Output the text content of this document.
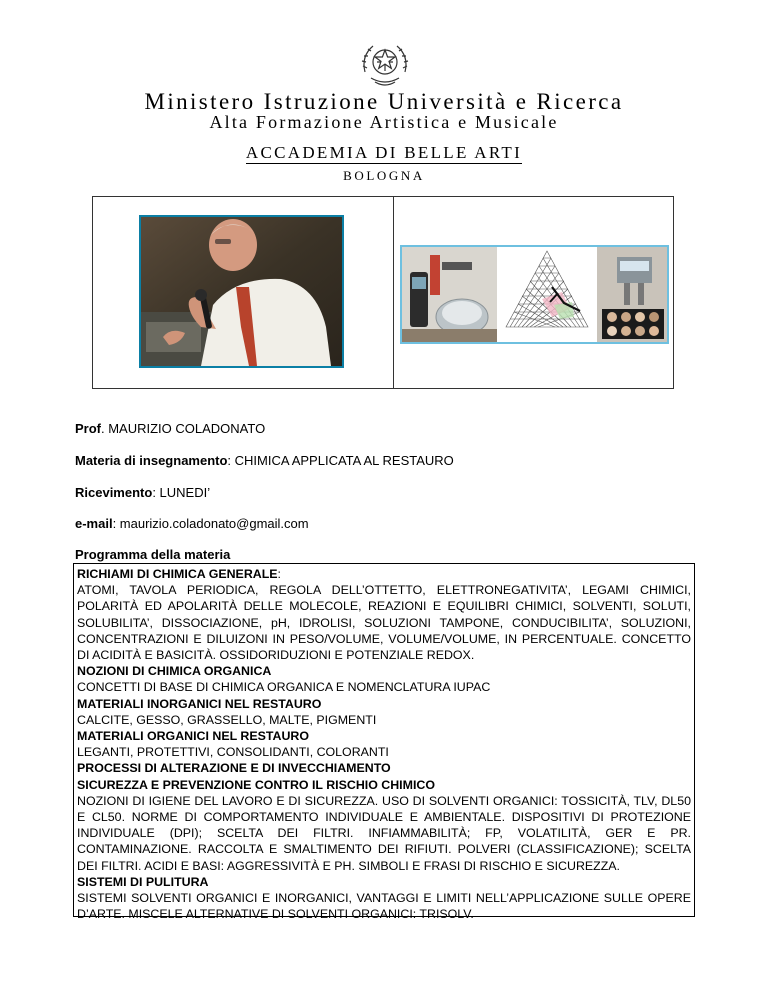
Ministero Istruzione Università e Ricerca
Alta Formazione Artistica e Musicale
ACCADEMIA DI BELLE ARTI
BOLOGNA
Prof. MAURIZIO COLADONATO
Materia di insegnamento: CHIMICA APPLICATA AL RESTAURO
Ricevimento: LUNEDI’
e-mail: maurizio.coladonato@gmail.com
Programma della materia
RICHIAMI DI CHIMICA GENERALE:
ATOMI, TAVOLA PERIODICA, REGOLA DELL’OTTETTO, ELETTRONEGATIVITA’, LEGAMI CHIMICI, POLARITÀ ED APOLARITÀ DELLE MOLECOLE, REAZIONI E EQUILIBRI CHIMICI, SOLVENTI, SOLUTI, SOLUBILITA’, DISSOCIAZIONE, pH, IDROLISI, SOLUZIONI TAMPONE, CONDUCIBILITA’, SOLUZIONI, CONCENTRAZIONI E DILUIZONI IN PESO/VOLUME, VOLUME/VOLUME, IN PERCENTUALE. CONCETTO DI ACIDITÀ E BASICITÀ. OSSIDORIDUZIONI E POTENZIALE REDOX.
NOZIONI DI CHIMICA ORGANICA
CONCETTI DI BASE DI CHIMICA ORGANICA E NOMENCLATURA IUPAC
MATERIALI INORGANICI NEL RESTAURO
CALCITE, GESSO, GRASSELLO, MALTE, PIGMENTI
MATERIALI ORGANICI NEL RESTAURO
LEGANTI, PROTETTIVI, CONSOLIDANTI, COLORANTI
PROCESSI DI ALTERAZIONE E DI INVECCHIAMENTO
SICUREZZA E PREVENZIONE CONTRO IL RISCHIO CHIMICO
NOZIONI DI IGIENE DEL LAVORO E DI SICUREZZA. USO DI SOLVENTI ORGANICI: TOSSICITÀ, TLV, DL50 E CL50. NORME DI COMPORTAMENTO INDIVIDUALE E AMBIENTALE. DISPOSITIVI DI PROTEZIONE INDIVIDUALE (DPI); SCELTA DEI FILTRI. INFIAMMABILITÀ; FP, VOLATILITÀ, GER E PR. CONTAMINAZIONE. RACCOLTA E SMALTIMENTO DEI RIFIUTI. POLVERI (CLASSIFICAZIONE); SCELTA DEI FILTRI. ACIDI E BASI: AGGRESSIVITÀ E PH. SIMBOLI E FRASI DI RISCHIO E SICUREZZA.
SISTEMI DI PULITURA
SISTEMI SOLVENTI ORGANICI E INORGANICI, VANTAGGI E LIMITI NELL’APPLICAZIONE SULLE OPERE D’ARTE. MISCELE ALTERNATIVE DI SOLVENTI ORGANICI: TRISOLV.
